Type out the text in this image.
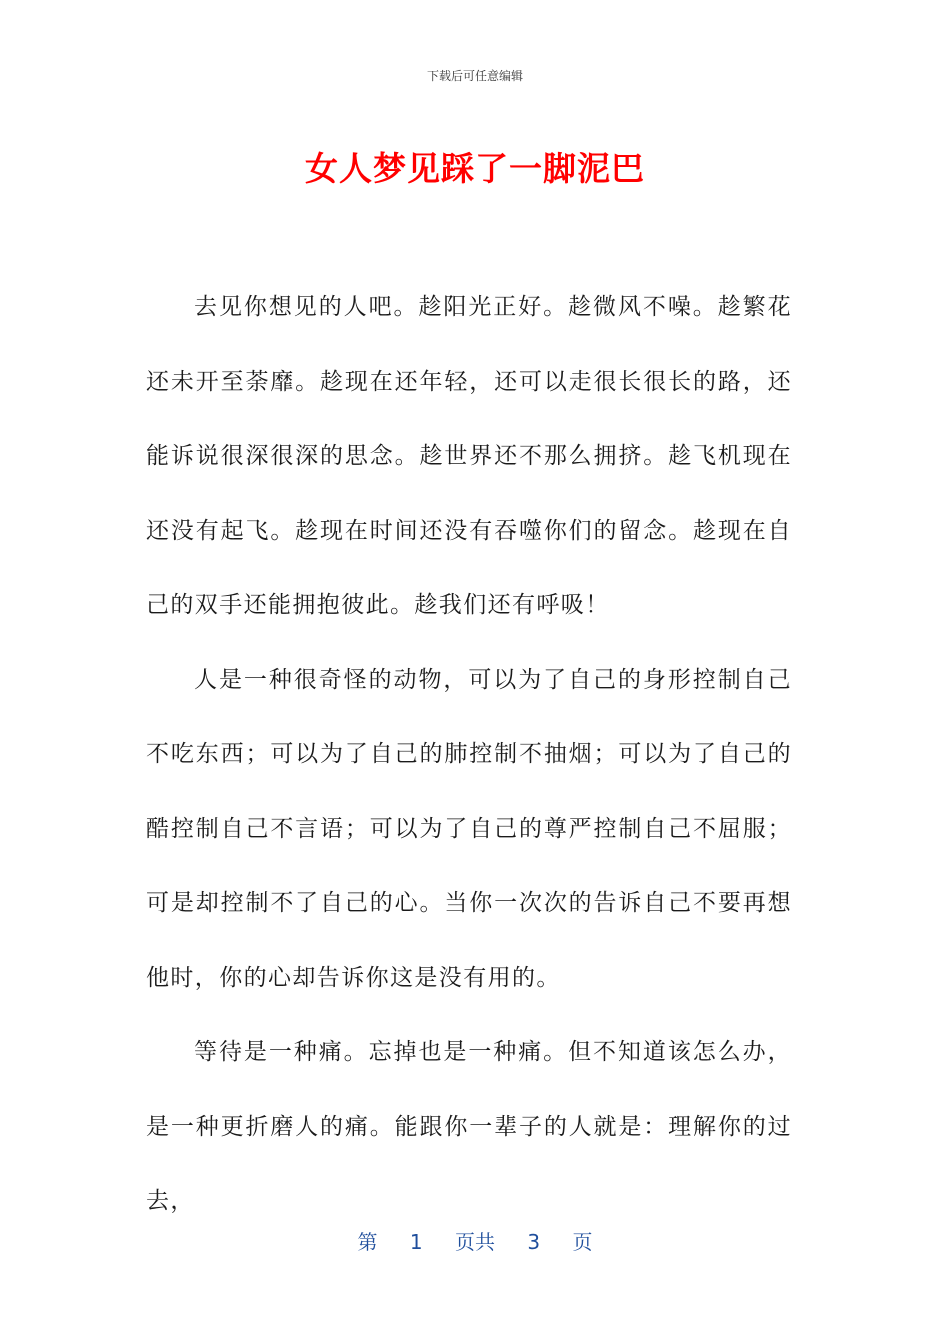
下载后可任意编辑
女人梦见踩了一脚泥巴

去见你想见的人吧。趁阳光正好。趁微风不噪。趁繁花还未开至荼靡。趁现在还年轻，还可以走很长很长的路，还能诉说很深很深的思念。趁世界还不那么拥挤。趁飞机现在还没有起飞。趁现在时间还没有吞噬你们的留念。趁现在自己的双手还能拥抱彼此。趁我们还有呼吸！

人是一种很奇怪的动物，可以为了自己的身形控制自己不吃东西；可以为了自己的肺控制不抽烟；可以为了自己的酷控制自己不言语；可以为了自己的尊严控制自己不屈服；可是却控制不了自己的心。当你一次次的告诉自己不要再想他时，你的心却告诉你这是没有用的。

等待是一种痛。忘掉也是一种痛。但不知道该怎么办，是一种更折磨人的痛。能跟你一辈子的人就是：理解你的过去，

第 1 页共 3 页
